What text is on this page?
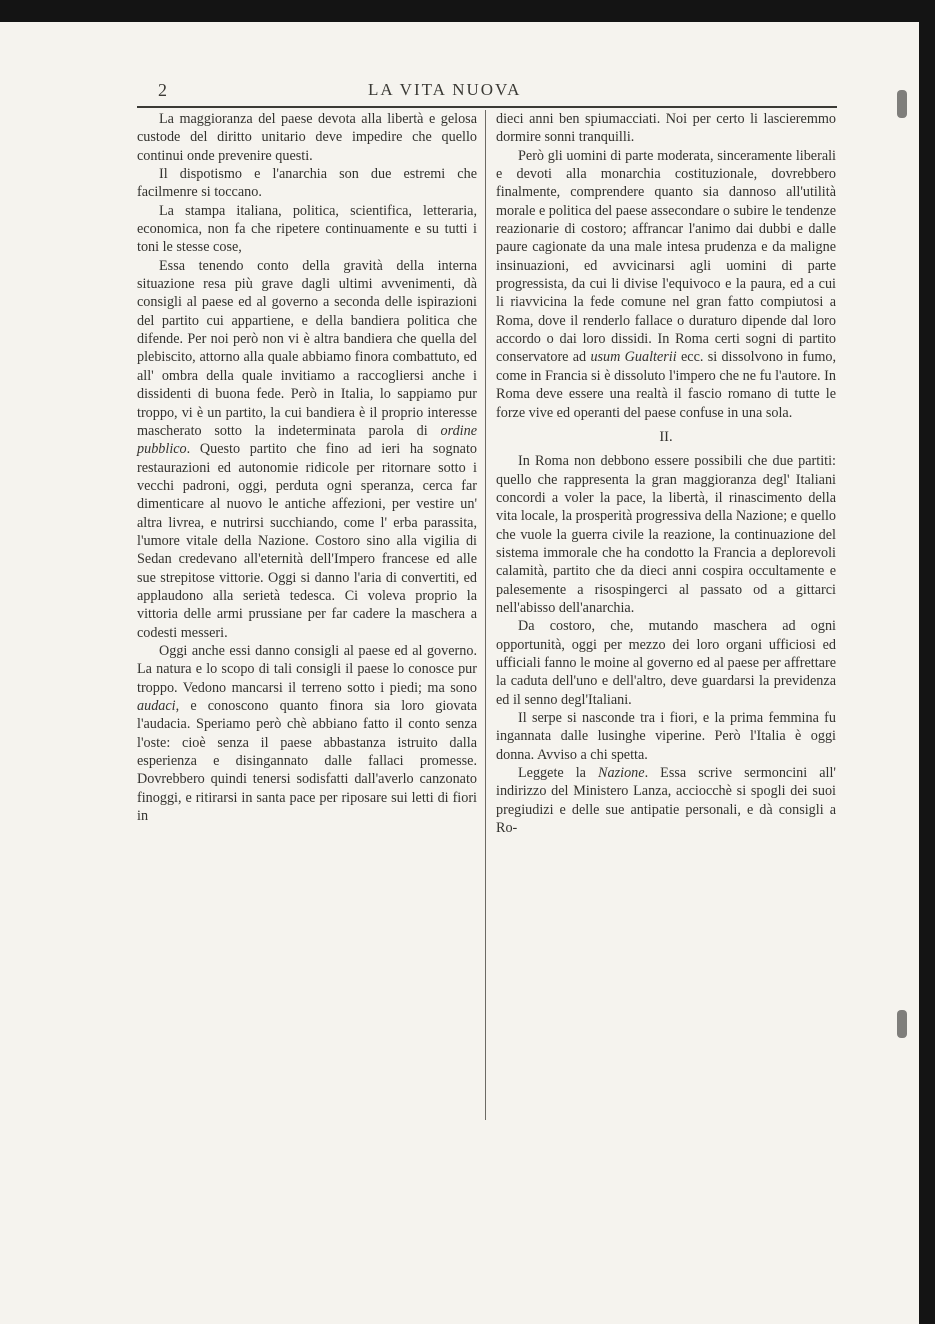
2	LA VITA NUOVA

La maggioranza del paese devota alla libertà e gelosa custode del diritto unitario deve impedire che quello continui onde prevenire questi.

Il dispotismo e l'anarchia son due estremi che facilmenre si toccano.

La stampa italiana, politica, scientifica, letteraria, economica, non fa che ripetere continuamente e su tutti i toni le stesse cose,

Essa tenendo conto della gravità della interna situazione resa più grave dagli ultimi avvenimenti, dà consigli al paese ed al governo a seconda delle ispirazioni del partito cui appartiene, e della bandiera politica che difende. Per noi però non vi è altra bandiera che quella del plebiscito, attorno alla quale abbiamo finora combattuto, ed all' ombra della quale invitiamo a raccogliersi anche i dissidenti di buona fede. Però in Italia, lo sappiamo pur troppo, vi è un partito, la cui bandiera è il proprio interesse mascherato sotto la indeterminata parola di ordine pubblico. Questo partito che fino ad ieri ha sognato restaurazioni ed autonomie ridicole per ritornare sotto i vecchi padroni, oggi, perduta ogni speranza, cerca far dimenticare al nuovo le antiche affezioni, per vestire un' altra livrea, e nutrirsi succhiando, come l' erba parassita, l'umore vitale della Nazione. Costoro sino alla vigilia di Sedan credevano all'eternità dell'Impero francese ed alle sue strepitose vittorie. Oggi si danno l'aria di convertiti, ed applaudono alla serietà tedesca. Ci voleva proprio la vittoria delle armi prussiane per far cadere la maschera a codesti messeri.

Oggi anche essi danno consigli al paese ed al governo. La natura e lo scopo di tali consigli il paese lo conosce pur troppo. Vedono mancarsi il terreno sotto i piedi; ma sono audaci, e conoscono quanto finora sia loro giovata l'audacia. Speriamo però chè abbiano fatto il conto senza l'oste: cioè senza il paese abbastanza istruito dalla esperienza e disingannato dalle fallaci promesse. Dovrebbero quindi tenersi sodisfatti dall'averlo canzonato finoggi, e ritirarsi in santa pace per riposare sui letti di fiori in

dieci anni ben spiumacciati. Noi per certo li lascieremmo dormire sonni tranquilli.

Però gli uomini di parte moderata, sinceramente liberali e devoti alla monarchia costituzionale, dovrebbero finalmente, comprendere quanto sia dannoso all'utilità morale e politica del paese assecondare o subire le tendenze reazionarie di costoro; affrancar l'animo dai dubbi e dalle paure cagionate da una male intesa prudenza e da maligne insinuazioni, ed avvicinarsi agli uomini di parte progressista, da cui li divise l'equivoco e la paura, ed a cui li riavvicina la fede comune nel gran fatto compiutosi a Roma, dove il renderlo fallace o duraturo dipende dal loro accordo o dai loro dissidi. In Roma certi sogni di partito conservatore ad usum Gualterii ecc. si dissolvono in fumo, come in Francia si è dissoluto l'impero che ne fu l'autore. In Roma deve essere una realtà il fascio romano di tutte le forze vive ed operanti del paese confuse in una sola.

II.

In Roma non debbono essere possibili che due partiti: quello che rappresenta la gran maggioranza degl' Italiani concordi a voler la pace, la libertà, il rinascimento della vita locale, la prosperità progressiva della Nazione; e quello che vuole la guerra civile la reazione, la continuazione del sistema immorale che ha condotto la Francia a deplorevoli calamità, partito che da dieci anni cospira occultamente e palesemente a risospingerci al passato od a gittarci nell'abisso dell'anarchia.

Da costoro, che, mutando maschera ad ogni opportunità, oggi per mezzo dei loro organi ufficiosi ed ufficiali fanno le moine al governo ed al paese per affrettare la caduta dell'uno e dell'altro, deve guardarsi la previdenza ed il senno degl'Italiani.

Il serpe si nasconde tra i fiori, e la prima femmina fu ingannata dalle lusinghe viperine. Però l'Italia è oggi donna. Avviso a chi spetta.

Leggete la Nazione. Essa scrive sermoncini all' indirizzo del Ministero Lanza, acciocchè si spogli dei suoi pregiudizi e delle sue antipatie personali, e dà consigli a Ro-
